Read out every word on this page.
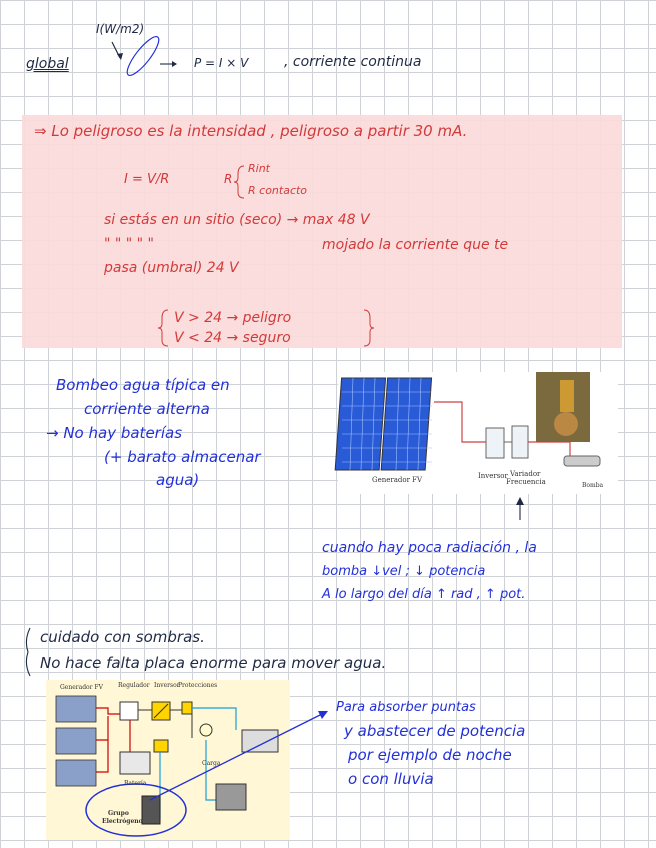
I(W/m2)
global	P = I × V	, corriente continua
⇒ Lo peligroso es la intensidad , peligroso a partir 30 mA.
I = V/R	R
Rint
R contacto
si estás en un sitio (seco) → max 48 V
" " " " "	mojado la corriente que te
pasa (umbral) 24 V
V > 24 → peligro
V < 24 → seguro
Bombeo agua típica en
corriente alterna
→ No hay baterías
(+ barato almacenar
agua)	Generador FV	Inversor Variador
Frecuencia	Bomba
cuando hay poca radiación , la
bomba ↓vel ; ↓ potencia
A lo largo del día ↑ rad , ↑ pot.
cuidado con sombras.
No hace falta placa enorme para mover agua.
Generador FV	Regulador Inversor
Protecciones
Batería
Carga
Grupo
Electrógeno
Para absorber puntas
y abastecer de potencia
por ejemplo de noche
o con lluvia
